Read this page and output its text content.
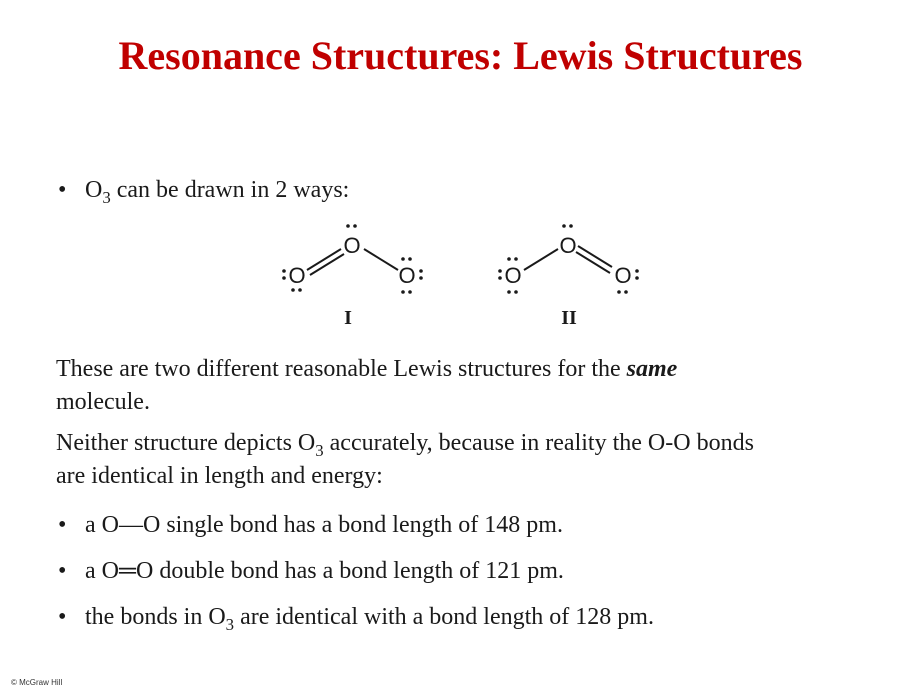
Resonance Structures: Lewis Structures
• $O_3$ can be drawn in 2 ways:
O
O
O
I
O
O
O
II
These are two different reasonable Lewis structures for the same
molecule.
Neither structure depicts $O_3$ accurately, because in reality the O-O bonds
are identical in length and energy:
• a O—O single bond has a bond length of 148 pm.
• a O═O double bond has a bond length of 121 pm.
• the bonds in $O_3$ are identical with a bond length of 128 pm.
© McGraw Hill
